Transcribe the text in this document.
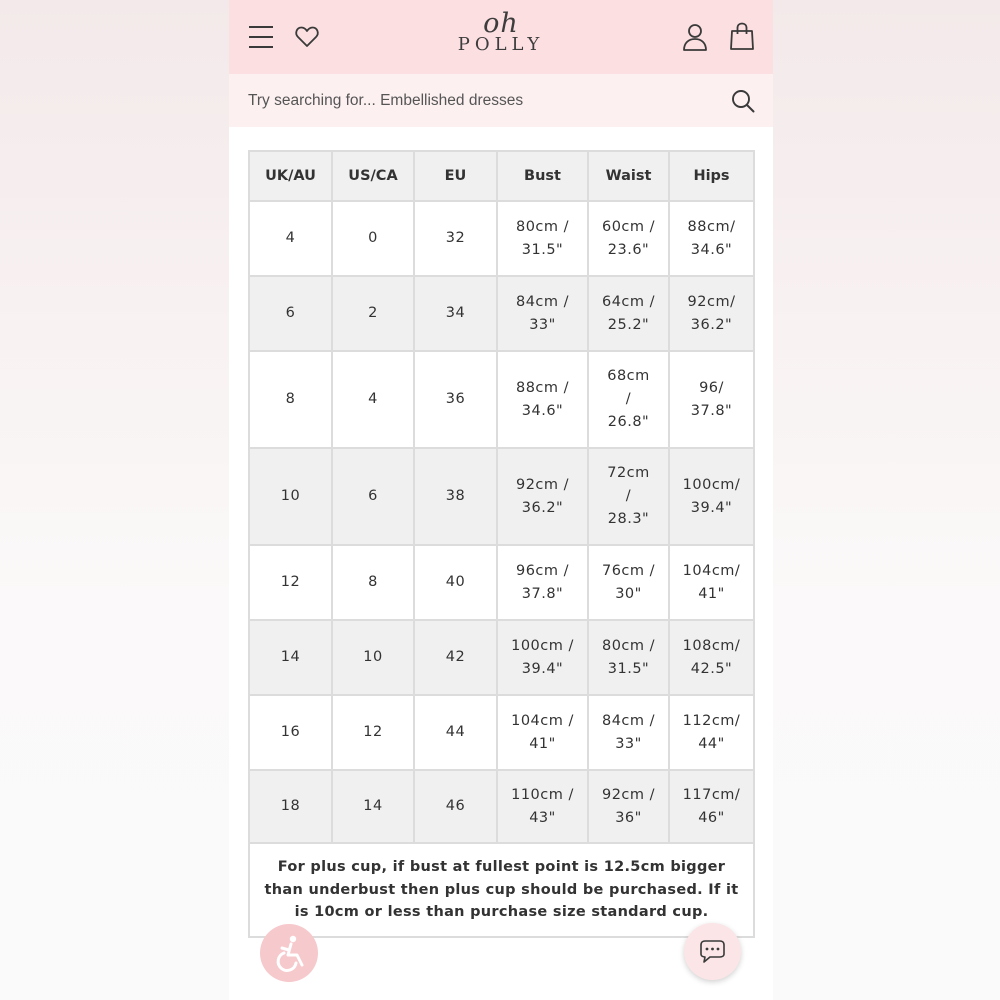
oh
POLLY
Try searching for... Embellished dresses
UK/AU	US/CA	EU	Bust	Waist	Hips
4	0	32	80cm / 31.5"	60cm / 23.6"	88cm/ 34.6"
6	2	34	84cm / 33"	64cm / 25.2"	92cm/ 36.2"
8	4	36	88cm / 34.6"	68cm / 26.8"	96/ 37.8"
10	6	38	92cm / 36.2"	72cm / 28.3"	100cm/ 39.4"
12	8	40	96cm / 37.8"	76cm / 30"	104cm/ 41"
14	10	42	100cm / 39.4"	80cm / 31.5"	108cm/ 42.5"
16	12	44	104cm / 41"	84cm / 33"	112cm/ 44"
18	14	46	110cm / 43"	92cm / 36"	117cm/ 46"
For plus cup, if bust at fullest point is 12.5cm bigger than underbust then plus cup should be purchased. If it is 10cm or less than purchase size standard cup.					
